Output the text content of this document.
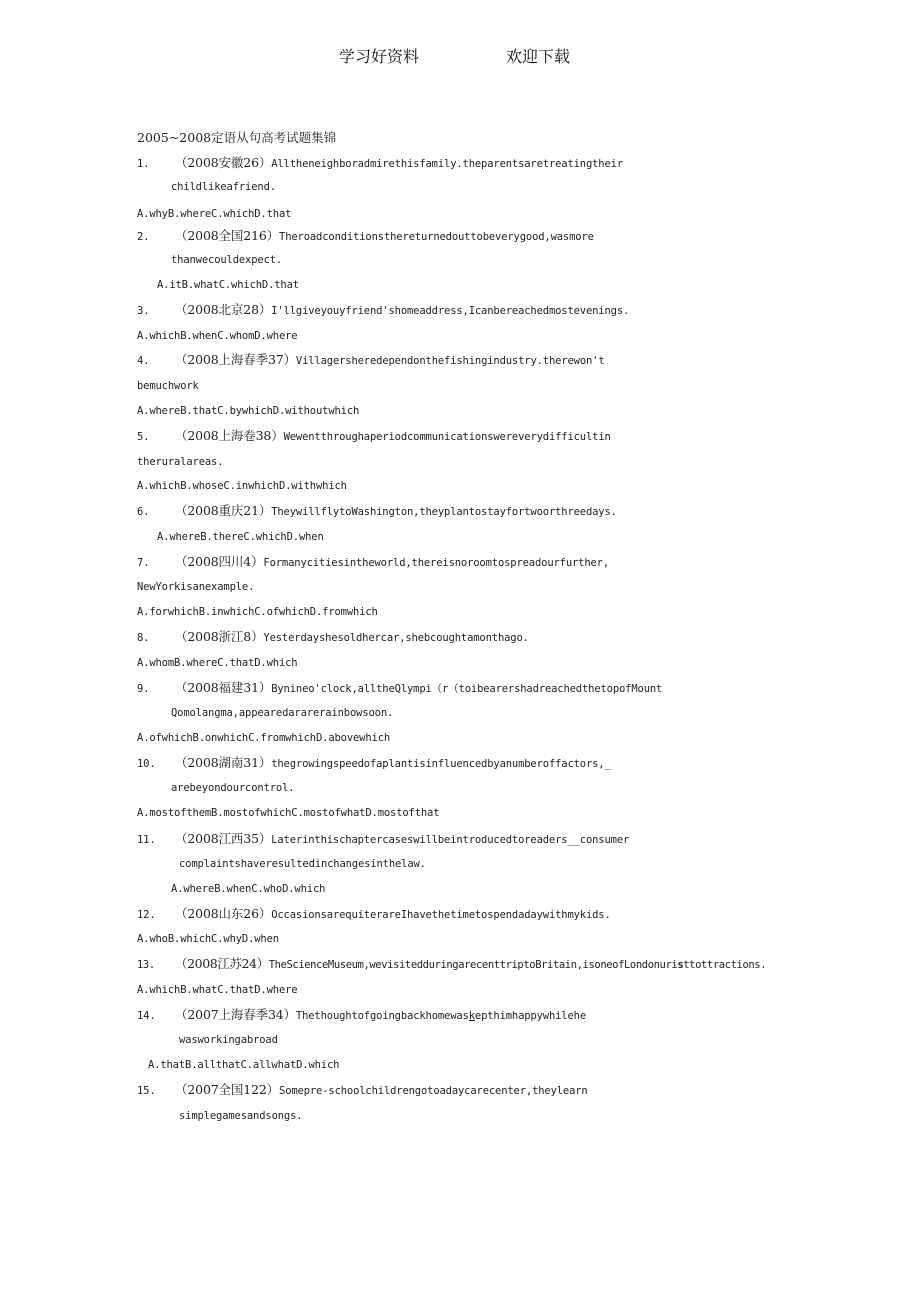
学习好资料	欢迎下载
2005~2008定语从句高考试题集锦
1. （2008安徽26）Alltheneighboradmirethisfamily.theparentsaretreatingtheir
childlikeafriend.
A.whyB.whereC.whichD.that
2. （2008全国216）Theroadconditionsthereturnedouttobeverygood,wasmore
thanwecouldexpect.
A.itB.whatC.whichD.that
3. （2008北京28）I'llgiveyouyfriend'shomeaddress,Icanbereachedmostevenings.
A.whichB.whenC.whomD.where
4. （2008上海春季37）Villagersheredependonthefishingindustry.therewon't
bemuchwork
A.whereB.thatC.bywhichD.withoutwhich
5. （2008上海卷38）Wewentthroughaperiodcommunicationswereverydifficultin
theruralareas.
A.whichB.whoseC.inwhichD.withwhich
6. （2008重庆21）TheywillflytoWashington,theyplantostayfortwoorthreedays.
A.whereB.thereC.whichD.when
7. （2008四川4）Formanycitiesintheworld,thereisnoroomtospreadourfurther,
NewYorkisanexample.
A.forwhichB.inwhichC.ofwhichD.fromwhich
8. （2008浙江8）Yesterdayshesoldhercar,shebcoughtamonthago.
A.whomB.whereC.thatD.which
9. （2008福建31）Bynineo'clock,alltheQlympi（r（toibearershadreachedthetopofMount
Qomolangma,appearedararerainbowsoon.
A.ofwhichB.onwhichC.fromwhichD.abovewhich
10. （2008湖南31）thegrowingspeedofaplantisinfluencedbyanumberoffactors,_
arebeyondourcontrol.
A.mostofthemB.mostofwhichC.mostofwhatD.mostofthat
11. （2008江西35）Laterinthischaptercaseswillbeintroducedtoreaders__consumer
complaintshaveresultedinchangesinthelaw.
A.whereB.whenC.whoD.which
12. （2008山东26）OccasionsarequiterareIhavethetimetospendadaywithmykids.
A.whoB.whichC.whyD.when
13. （2008江苏24）TheScienceMuseum,wevisitedduringarecenttriptoBritain,isoneofLondonuristtottractions.
A.whichB.whatC.thatD.where
14. （2007上海春季34）Thethoughtofgoingbackhomewaskepthimhappywhilehe
wasworkingabroad
A.thatB.allthatC.allwhatD.which
15. （2007全国122）Somepre-schoolchildrengotoadaycarecenter,theylearn
simplegamesandsongs.
